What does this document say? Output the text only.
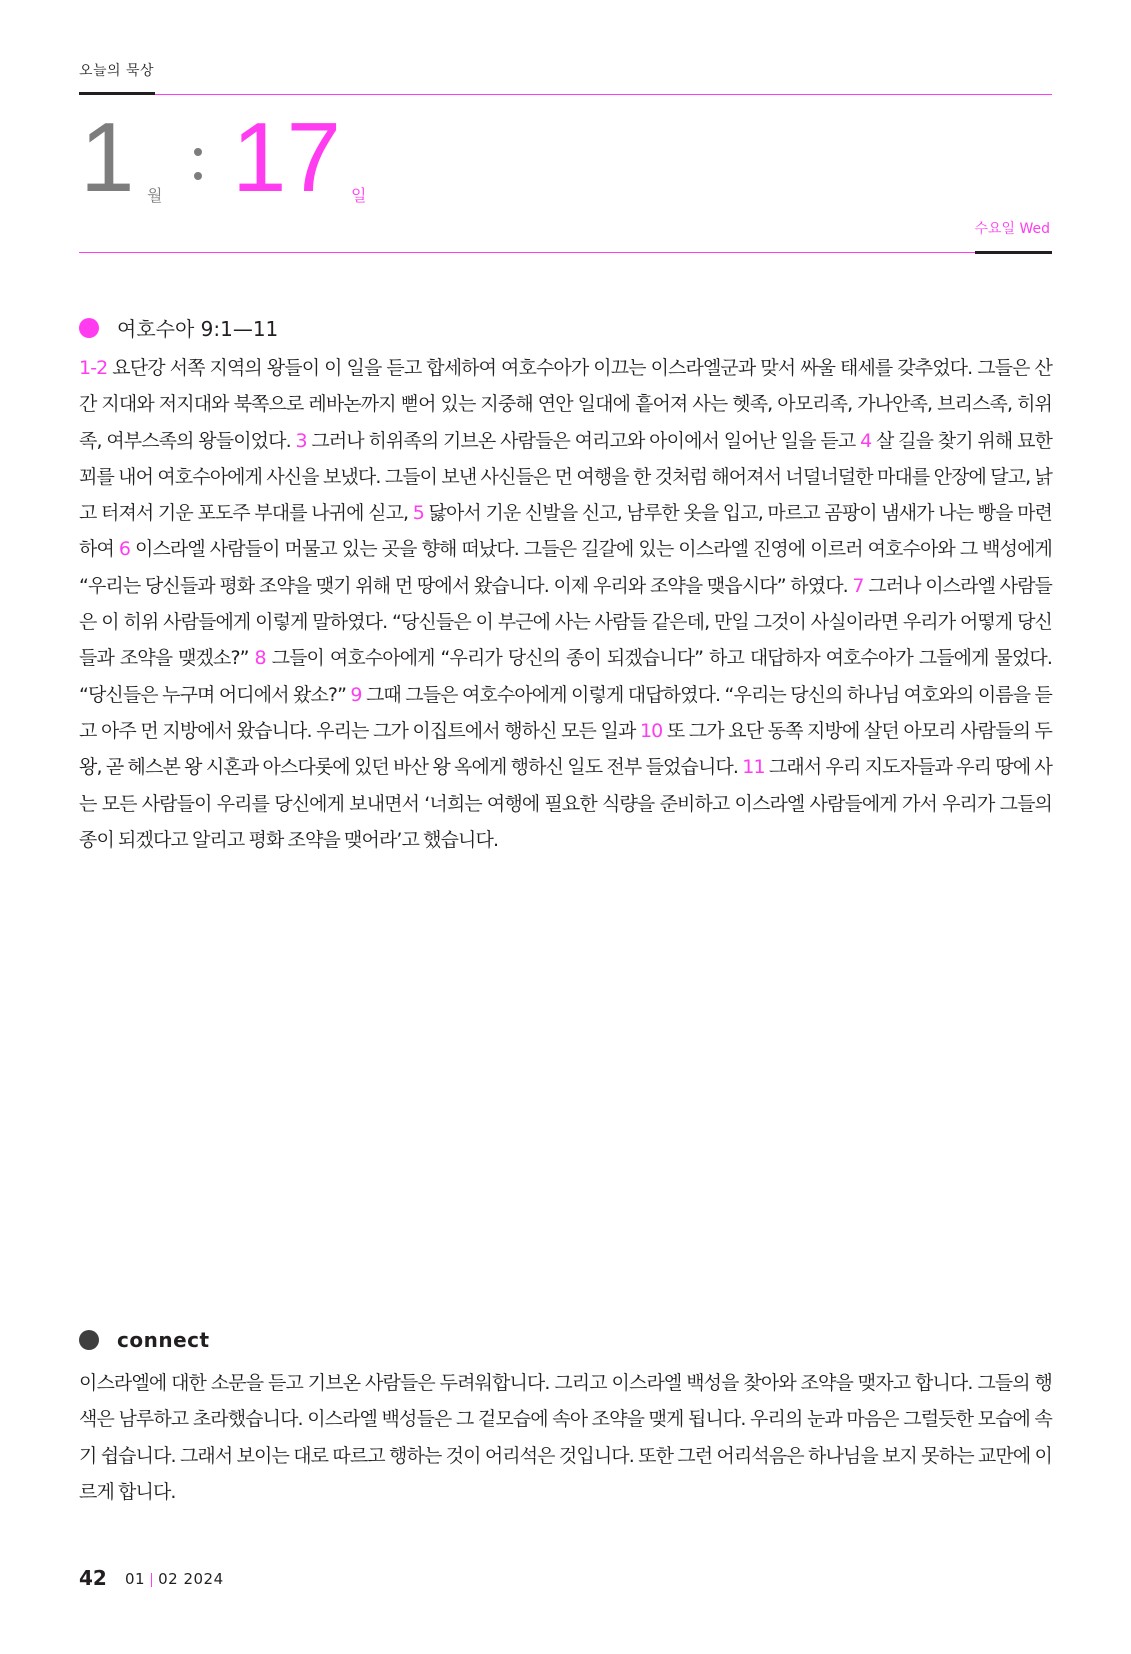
오늘의 묵상
1 월 17 일
수요일 Wed
여호수아 9:1—11
1-2 요단강 서쪽 지역의 왕들이 이 일을 듣고 합세하여 여호수아가 이끄는 이스라엘군과 맞서 싸울 태세를 갖추었다. 그들은 산간 지대와 저지대와 북쪽으로 레바논까지 뻗어 있는 지중해 연안 일대에 흩어져 사는 헷족, 아모리족, 가나안족, 브리스족, 히위족, 여부스족의 왕들이었다. 3 그러나 히위족의 기브온 사람들은 여리고와 아이에서 일어난 일을 듣고 4 살 길을 찾기 위해 묘한 꾀를 내어 여호수아에게 사신을 보냈다. 그들이 보낸 사신들은 먼 여행을 한 것처럼 해어져서 너덜너덜한 마대를 안장에 달고, 낡고 터져서 기운 포도주 부대를 나귀에 싣고, 5 닳아서 기운 신발을 신고, 남루한 옷을 입고, 마르고 곰팡이 냄새가 나는 빵을 마련하여 6 이스라엘 사람들이 머물고 있는 곳을 향해 떠났다. 그들은 길갈에 있는 이스라엘 진영에 이르러 여호수아와 그 백성에게 “우리는 당신들과 평화 조약을 맺기 위해 먼 땅에서 왔습니다. 이제 우리와 조약을 맺읍시다” 하였다. 7 그러나 이스라엘 사람들은 이 히위 사람들에게 이렇게 말하였다. “당신들은 이 부근에 사는 사람들 같은데, 만일 그것이 사실이라면 우리가 어떻게 당신들과 조약을 맺겠소?” 8 그들이 여호수아에게 “우리가 당신의 종이 되겠습니다” 하고 대답하자 여호수아가 그들에게 물었다. “당신들은 누구며 어디에서 왔소?” 9 그때 그들은 여호수아에게 이렇게 대답하였다. “우리는 당신의 하나님 여호와의 이름을 듣고 아주 먼 지방에서 왔습니다. 우리는 그가 이집트에서 행하신 모든 일과 10 또 그가 요단 동쪽 지방에 살던 아모리 사람들의 두 왕, 곧 헤스본 왕 시혼과 아스다롯에 있던 바산 왕 옥에게 행하신 일도 전부 들었습니다. 11 그래서 우리 지도자들과 우리 땅에 사는 모든 사람들이 우리를 당신에게 보내면서 ‘너희는 여행에 필요한 식량을 준비하고 이스라엘 사람들에게 가서 우리가 그들의 종이 되겠다고 알리고 평화 조약을 맺어라’고 했습니다.
connect
이스라엘에 대한 소문을 듣고 기브온 사람들은 두려워합니다. 그리고 이스라엘 백성을 찾아와 조약을 맺자고 합니다. 그들의 행색은 남루하고 초라했습니다. 이스라엘 백성들은 그 겉모습에 속아 조약을 맺게 됩니다. 우리의 눈과 마음은 그럴듯한 모습에 속기 쉽습니다. 그래서 보이는 대로 따르고 행하는 것이 어리석은 것입니다. 또한 그런 어리석음은 하나님을 보지 못하는 교만에 이르게 합니다.
42 01 02 2024
